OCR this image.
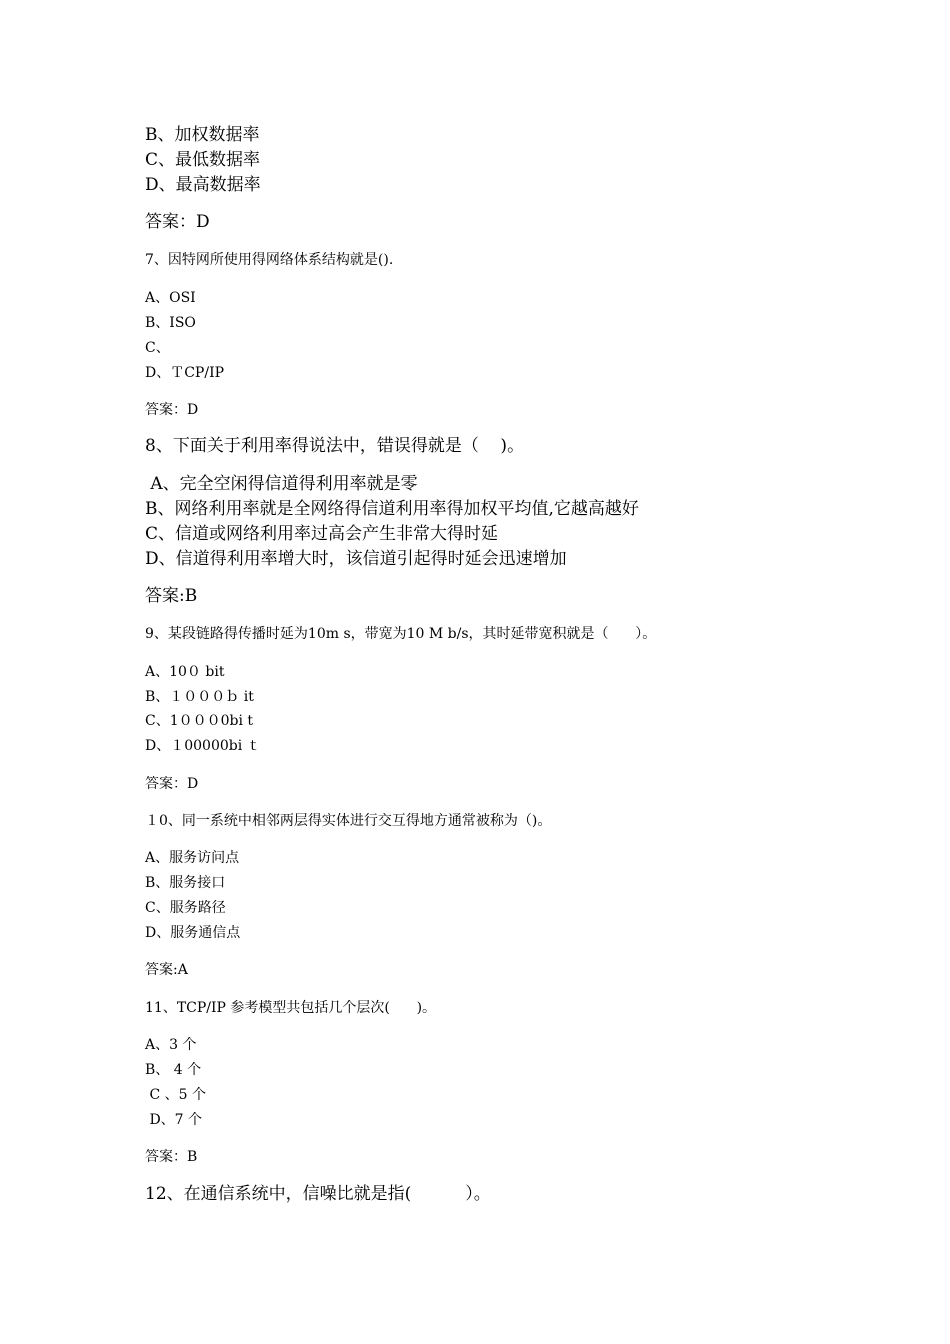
B、加权数据率
C、最低数据率
D、最高数据率
答案：D
7、因特网所使用得网络体系结构就是().
A、OSI
B、ISO
C、
D、ＴCP/IP
答案：D
8、下面关于利用率得说法中，错误得就是（    )。
A、完全空闲得信道得利用率就是零
B、网络利用率就是全网络得信道利用率得加权平均值,它越高越好
C、信道或网络利用率过高会产生非常大得时延
D、信道得利用率增大时，该信道引起得时延会迅速增加
答案:B
9、某段链路得传播时延为10m s，带宽为10 M b/s，其时延带宽积就是（      ）。
A、10０ bit
B、１０００ｂ it
C、1０００0bi t
D、１00000bi ｔ
答案：D
１0、同一系统中相邻两层得实体进行交互得地方通常被称为（)。
A、服务访问点
B、服务接口
C、服务路径
D、服务通信点
答案:A
11、TCP/IP 参考模型共包括几个层次(      )。
A、3 个
B、 4 个
C 、5 个
D、7 个
答案：B
12、在通信系统中，信噪比就是指(          ）。
